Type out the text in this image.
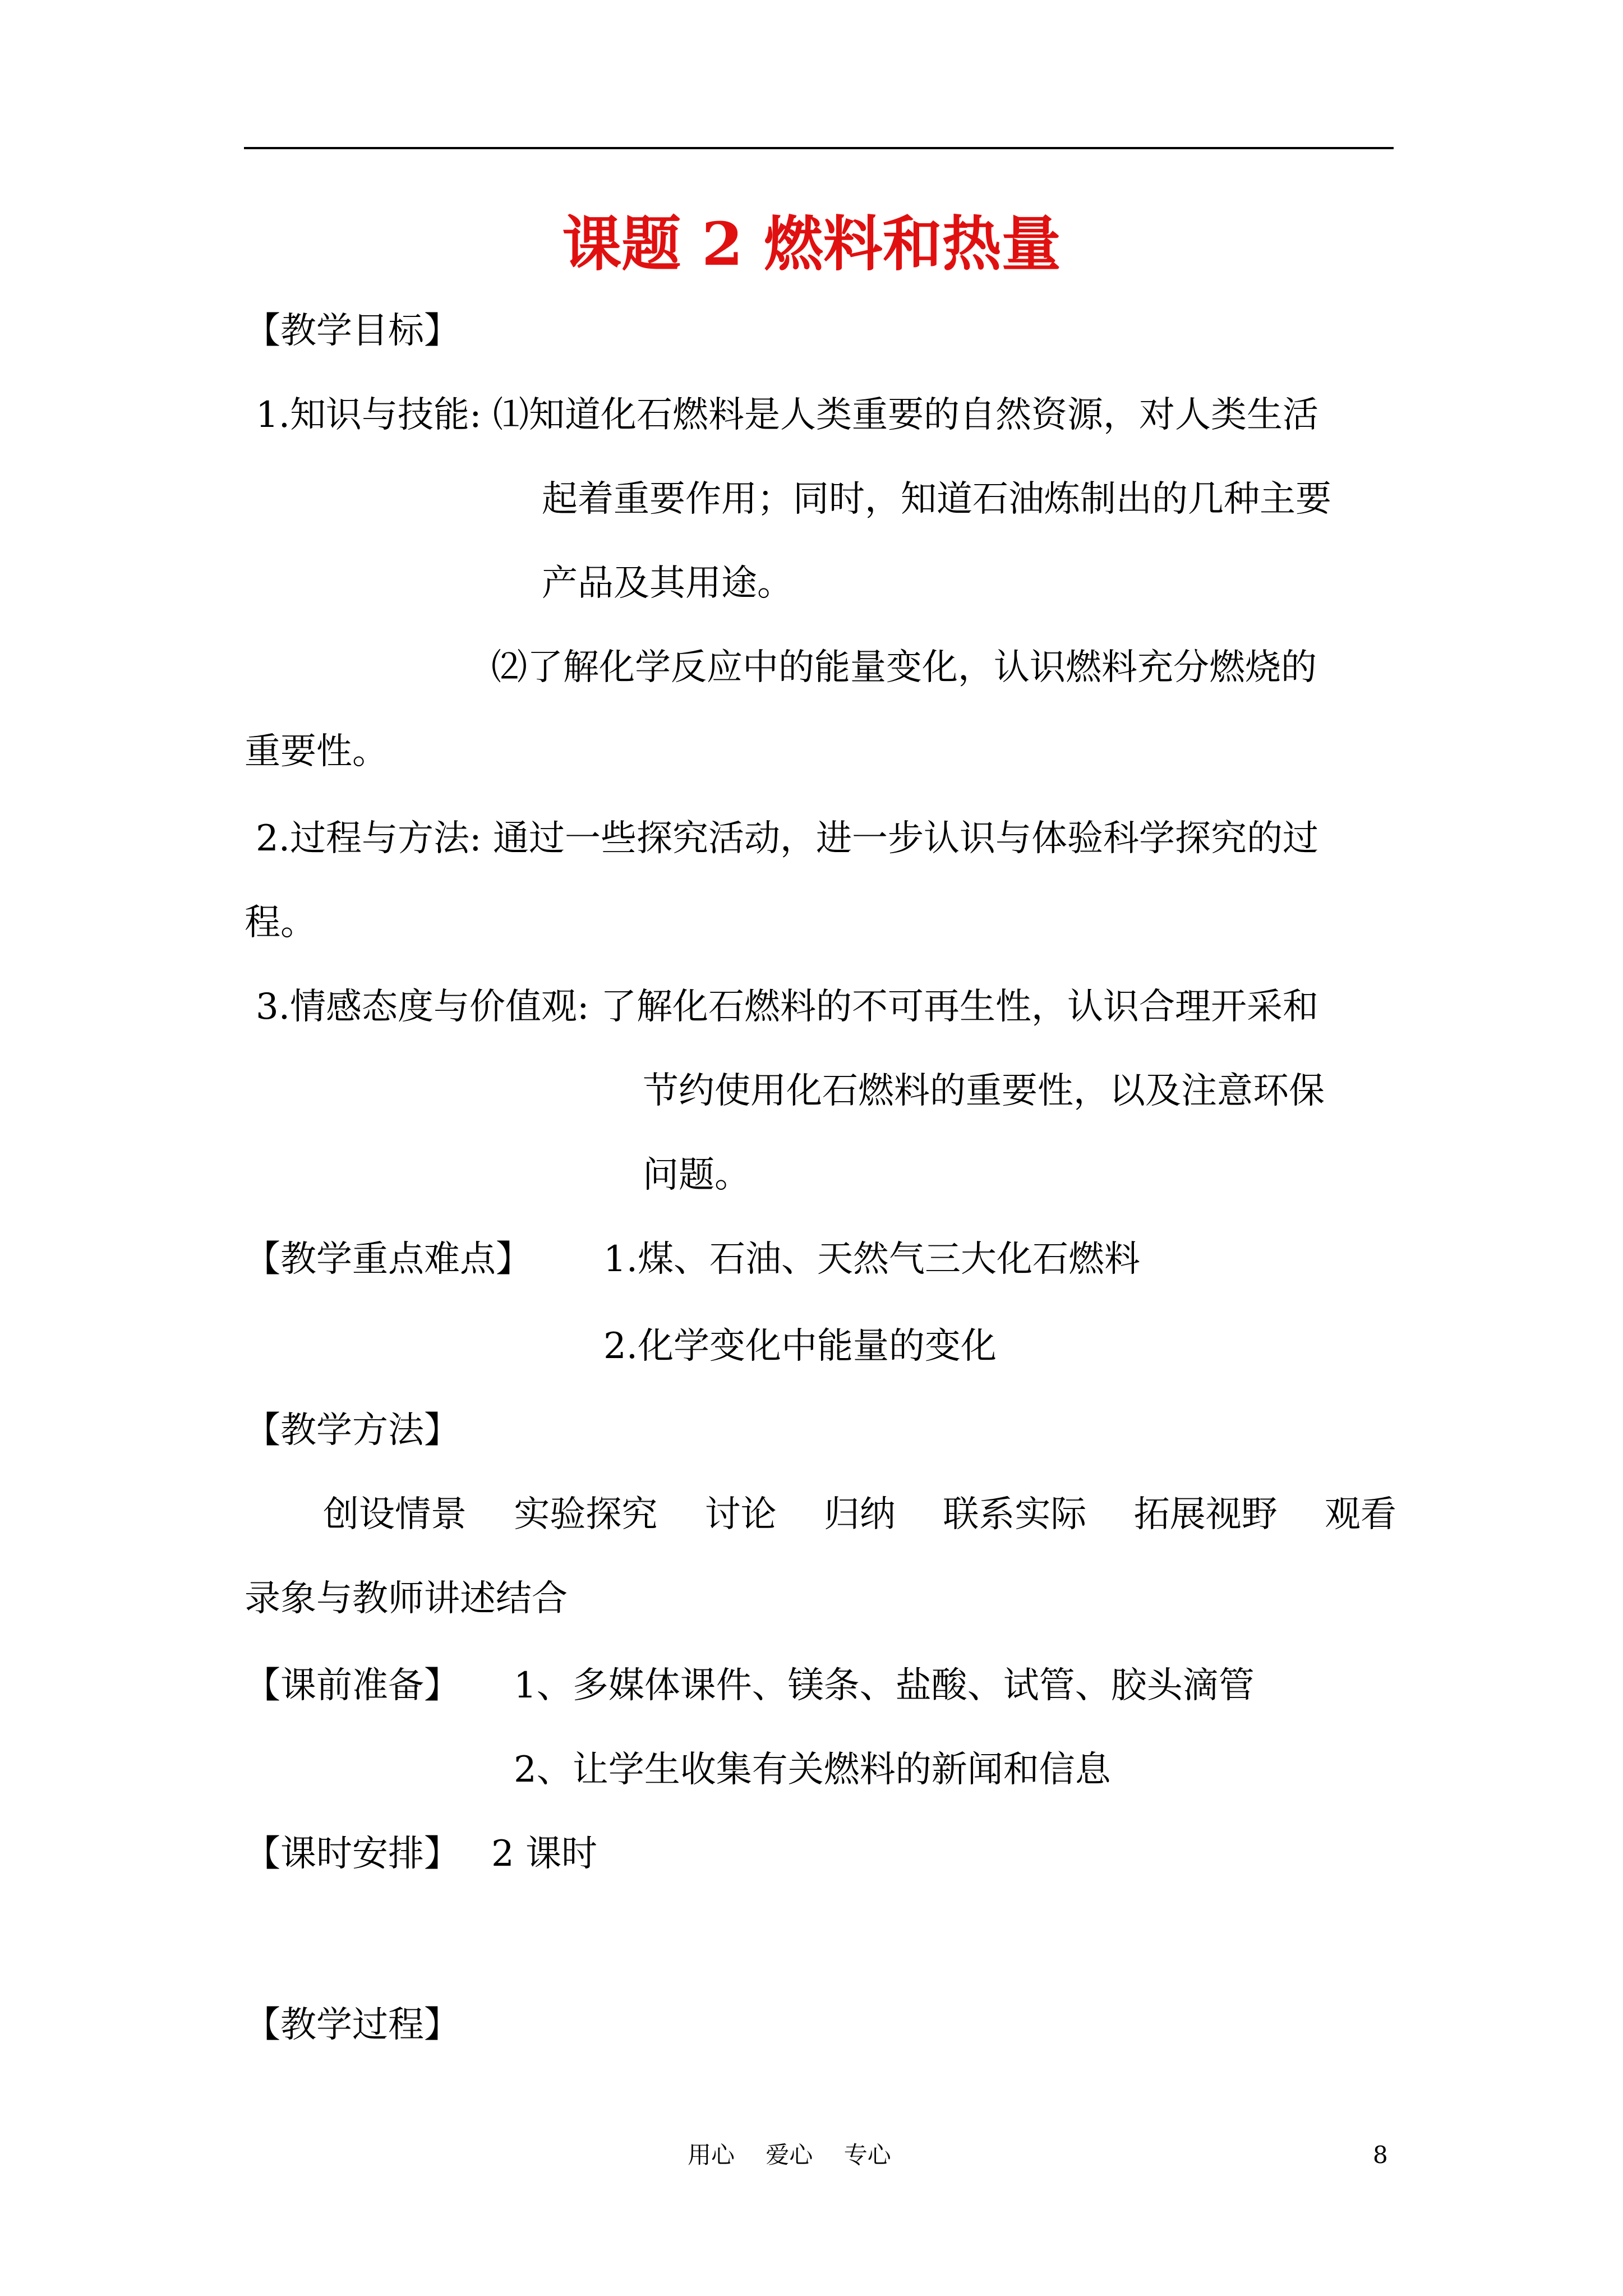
课题 2 燃料和热量
【教学目标】
1.知识与技能: ⑴知道化石燃料是人类重要的自然资源，对人类生活
起着重要作用；同时，知道石油炼制出的几种主要
产品及其用途。
⑵了解化学反应中的能量变化，认识燃料充分燃烧的
重要性。
2.过程与方法: 通过一些探究活动，进一步认识与体验科学探究的过
程。
3.情感态度与价值观: 了解化石燃料的不可再生性，认识合理开采和
节约使用化石燃料的重要性，以及注意环保
问题。
【教学重点难点】 1.煤、石油、天然气三大化石燃料
2.化学变化中能量的变化
【教学方法】
创设情景　 实验探究　 讨论　 归纳　 联系实际　 拓展视野　 观看
录象与教师讲述结合
【课前准备】 1、多媒体课件、镁条、盐酸、试管、胶头滴管
2、让学生收集有关燃料的新闻和信息
【课时安排】 2 课时
【教学过程】
用心　 爱心　 专心	8
